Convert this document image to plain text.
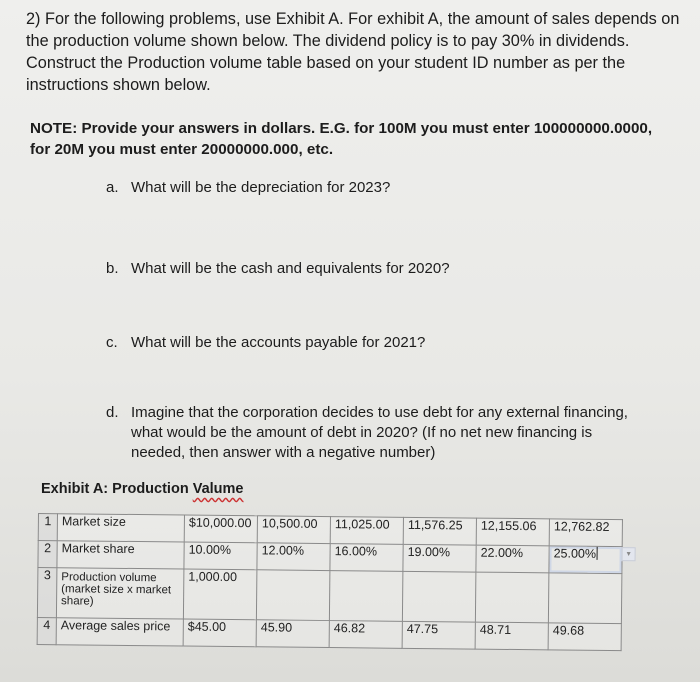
2) For the following problems, use Exhibit A. For exhibit A, the amount of sales depends on the production volume shown below. The dividend policy is to pay 30% in dividends. Construct the Production volume table based on your student ID number as per the instructions shown below.

NOTE: Provide your answers in dollars. E.G. for 100M you must enter 100000000.0000, for 20M you must enter 20000000.000, etc.

a. What will be the depreciation for 2023?

b. What will be the cash and equivalents for 2020?

c. What will be the accounts payable for 2021?

d. Imagine that the corporation decides to use debt for any external financing, what would be the amount of debt in 2020? (If no net new financing is needed, then answer with a negative number)

Exhibit A: Production Valume
1	Market size	$10,000.00	10,500.00	11,025.00	11,576.25	12,155.06	12,762.82
2	Market share	10.00%	12.00%	16.00%	19.00%	22.00%	25.00% ▾

3	Production volume (market size x market share)	1,000.00					
4	Average sales price	$45.00	45.90	46.82	47.75	48.71	49.68
